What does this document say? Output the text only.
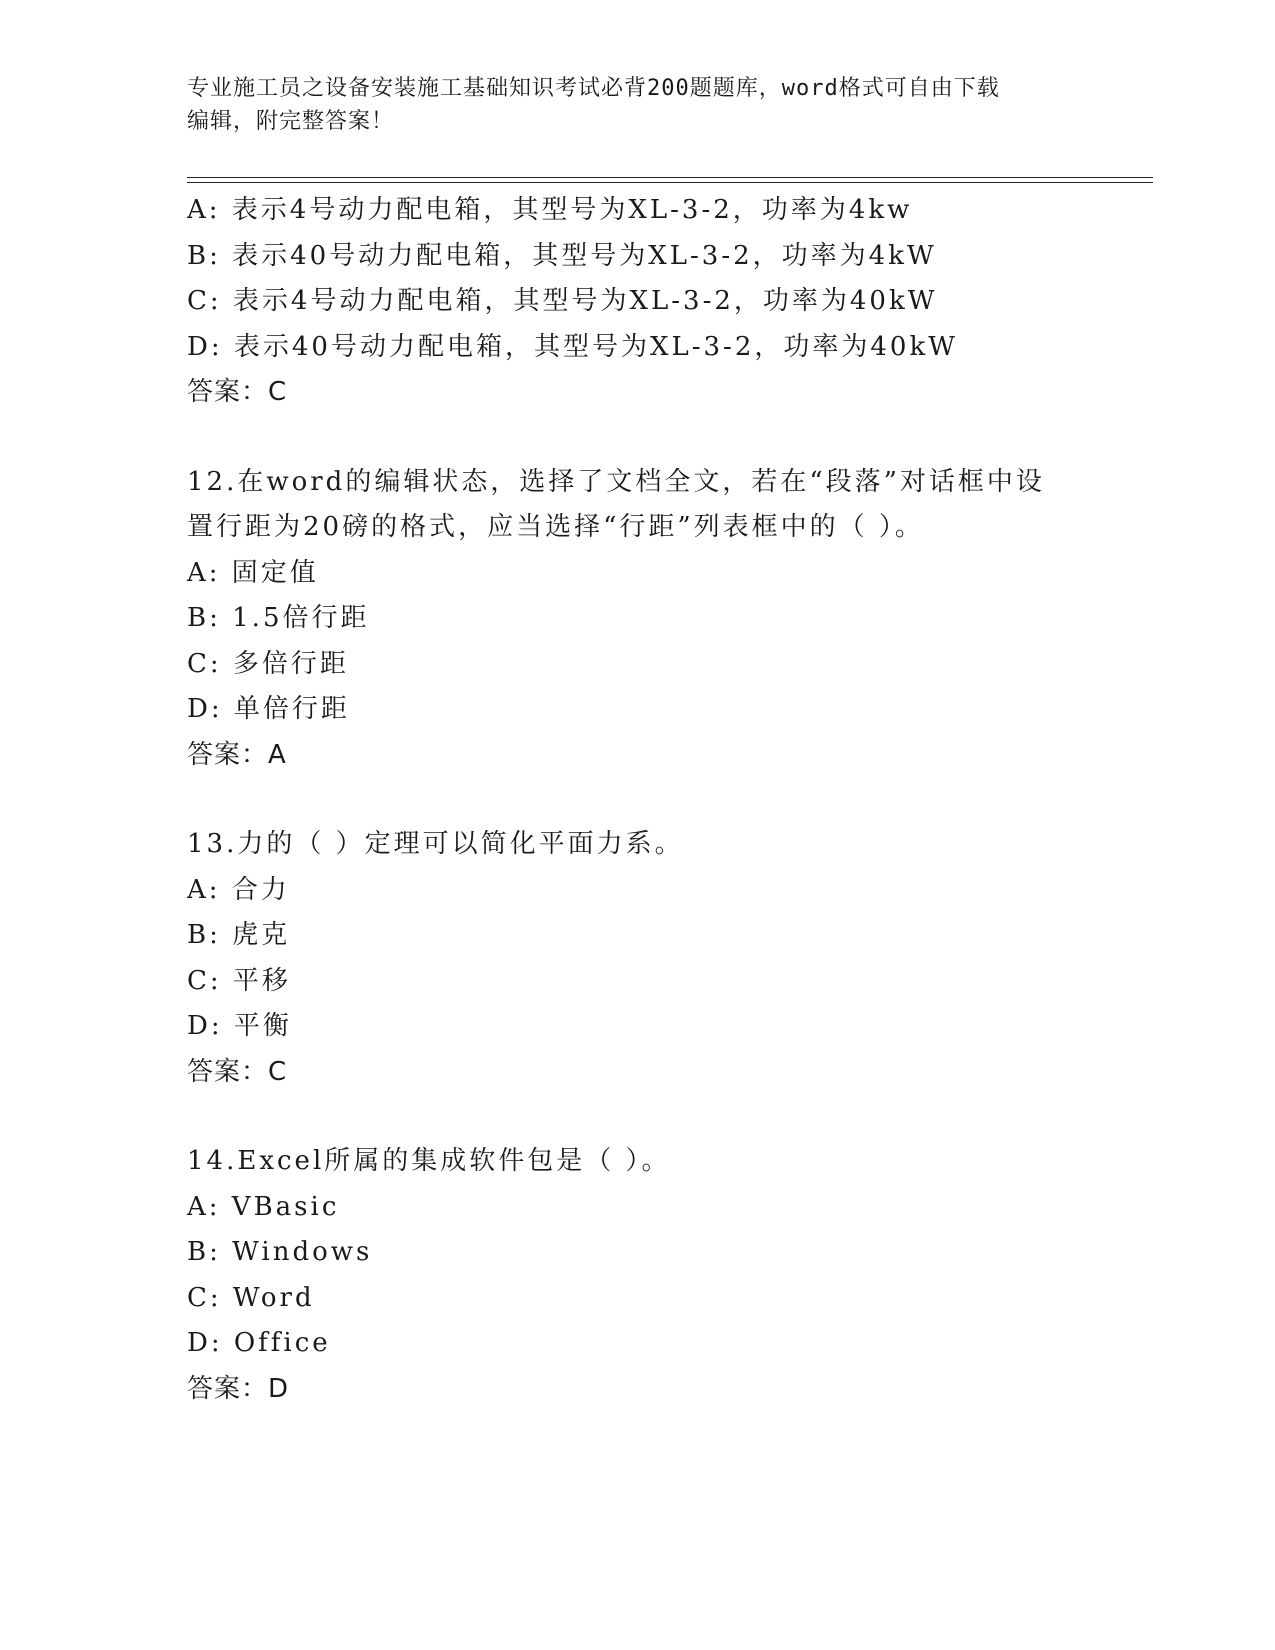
专业施工员之设备安装施工基础知识考试必背200题题库，word格式可自由下载
编辑，附完整答案！
A: 表示4号动力配电箱，其型号为XL-3-2，功率为4kw
B: 表示40号动力配电箱，其型号为XL-3-2，功率为4kW
C: 表示4号动力配电箱，其型号为XL-3-2，功率为40kW
D: 表示40号动力配电箱，其型号为XL-3-2，功率为40kW
答案：C
12.在word的编辑状态，选择了文档全文，若在“段落”对话框中设
置行距为20磅的格式，应当选择“行距”列表框中的（ ）。
A: 固定值
B: 1.5倍行距
C: 多倍行距
D: 单倍行距
答案：A
13.力的（ ）定理可以简化平面力系。
A: 合力
B: 虎克
C: 平移
D: 平衡
答案：C
14.Excel所属的集成软件包是（ ）。
A: VBasic
B: Windows
C: Word
D: Office
答案：D
